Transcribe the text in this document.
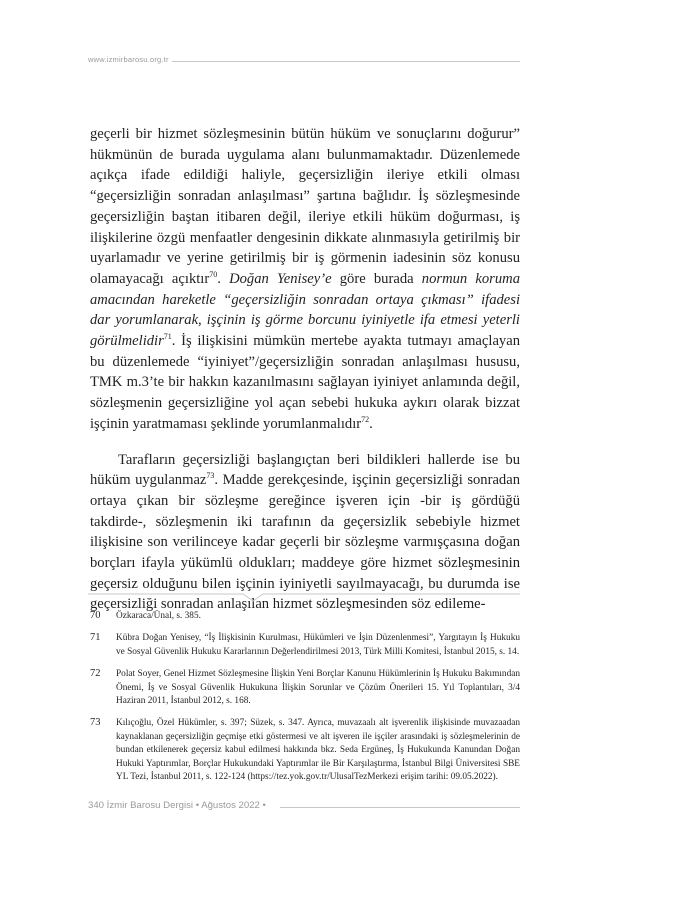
www.izmirbarosu.org.tr

geçerli bir hizmet sözleşmesinin bütün hüküm ve sonuçlarını doğurur” hükmünün de burada uygulama alanı bulunmamaktadır. Düzenlemede açıkça ifade edildiği haliyle, geçersizliğin ileriye etkili olması “geçersizliğin sonradan anlaşılması” şartına bağlıdır. İş sözleşmesinde geçersizliğin baştan itibaren değil, ileriye etkili hüküm doğurması, iş ilişkilerine özgü menfaatler dengesinin dikkate alınmasıyla getirilmiş bir uyarlamadır ve yerine getirilmiş bir iş görmenin iadesinin söz konusu olamayacağı açıktır$^{70}$. Doğan Yenisey’e göre burada normun koruma amacından hareketle “geçersizliğin sonradan ortaya çıkması” ifadesi dar yorumlanarak, işçinin iş görme borcunu iyiniyetle ifa etmesi yeterli görülmelidir$^{71}$. İş ilişkisini mümkün mertebe ayakta tutmayı amaçlayan bu düzenlemede “iyiniyet”/geçersizliğin sonradan anlaşılması hususu, TMK m.3’te bir hakkın kazanılmasını sağlayan iyiniyet anlamında değil, sözleşmenin geçersizliğine yol açan sebebi hukuka aykırı olarak bizzat işçinin yaratmaması şeklinde yorumlanmalıdır$^{72}$.

Tarafların geçersizliği başlangıçtan beri bildikleri hallerde ise bu hüküm uygulanmaz$^{73}$. Madde gerekçesinde, işçinin geçersizliği sonradan ortaya çıkan bir sözleşme gereğince işveren için -bir iş gördüğü takdirde-, sözleşmenin iki tarafının da geçersizlik sebebiyle hizmet ilişkisine son verilinceye kadar geçerli bir sözleşme varmışçasına doğan borçları ifayla yükümlü oldukları; maddeye göre hizmet sözleşmesinin geçersiz olduğunu bilen işçinin iyiniyetli sayılmayacağı, bu durumda ise geçersizliği sonradan anlaşılan hizmet sözleşmesinden söz edileme-

70 Özkaraca/Ünal, s. 385.
71 Kübra Doğan Yenisey, “İş İlişkisinin Kurulması, Hükümleri ve İşin Düzenlenmesi”, Yargıtayın İş Hukuku ve Sosyal Güvenlik Hukuku Kararlarının Değerlendirilmesi 2013, Türk Milli Komitesi, İstanbul 2015, s. 14.
72 Polat Soyer, Genel Hizmet Sözleşmesine İlişkin Yeni Borçlar Kanunu Hükümlerinin İş Hukuku Bakımından Önemi, İş ve Sosyal Güvenlik Hukukuna İlişkin Sorunlar ve Çözüm Önerileri 15. Yıl Toplantıları, 3/4 Haziran 2011, İstanbul 2012, s. 168.
73 Kılıçoğlu, Özel Hükümler, s. 397; Süzek, s. 347. Ayrıca, muvazaalı alt işverenlik ilişkisinde muvazaadan kaynaklanan geçersizliğin geçmişe etki göstermesi ve alt işveren ile işçiler arasındaki iş sözleşmelerinin de bundan etkilenerek geçersiz kabul edilmesi hakkında bkz. Seda Ergüneş, İş Hukukunda Kanundan Doğan Hukuki Yaptırımlar, Borçlar Hukukundaki Yaptırımlar ile Bir Karşılaştırma, İstanbul Bilgi Üniversitesi SBE YL Tezi, İstanbul 2011, s. 122-124 (https://tez.yok.gov.tr/UlusalTezMerkezi erişim tarihi: 09.05.2022).
340 İzmir Barosu Dergisi • Ağustos 2022 •
